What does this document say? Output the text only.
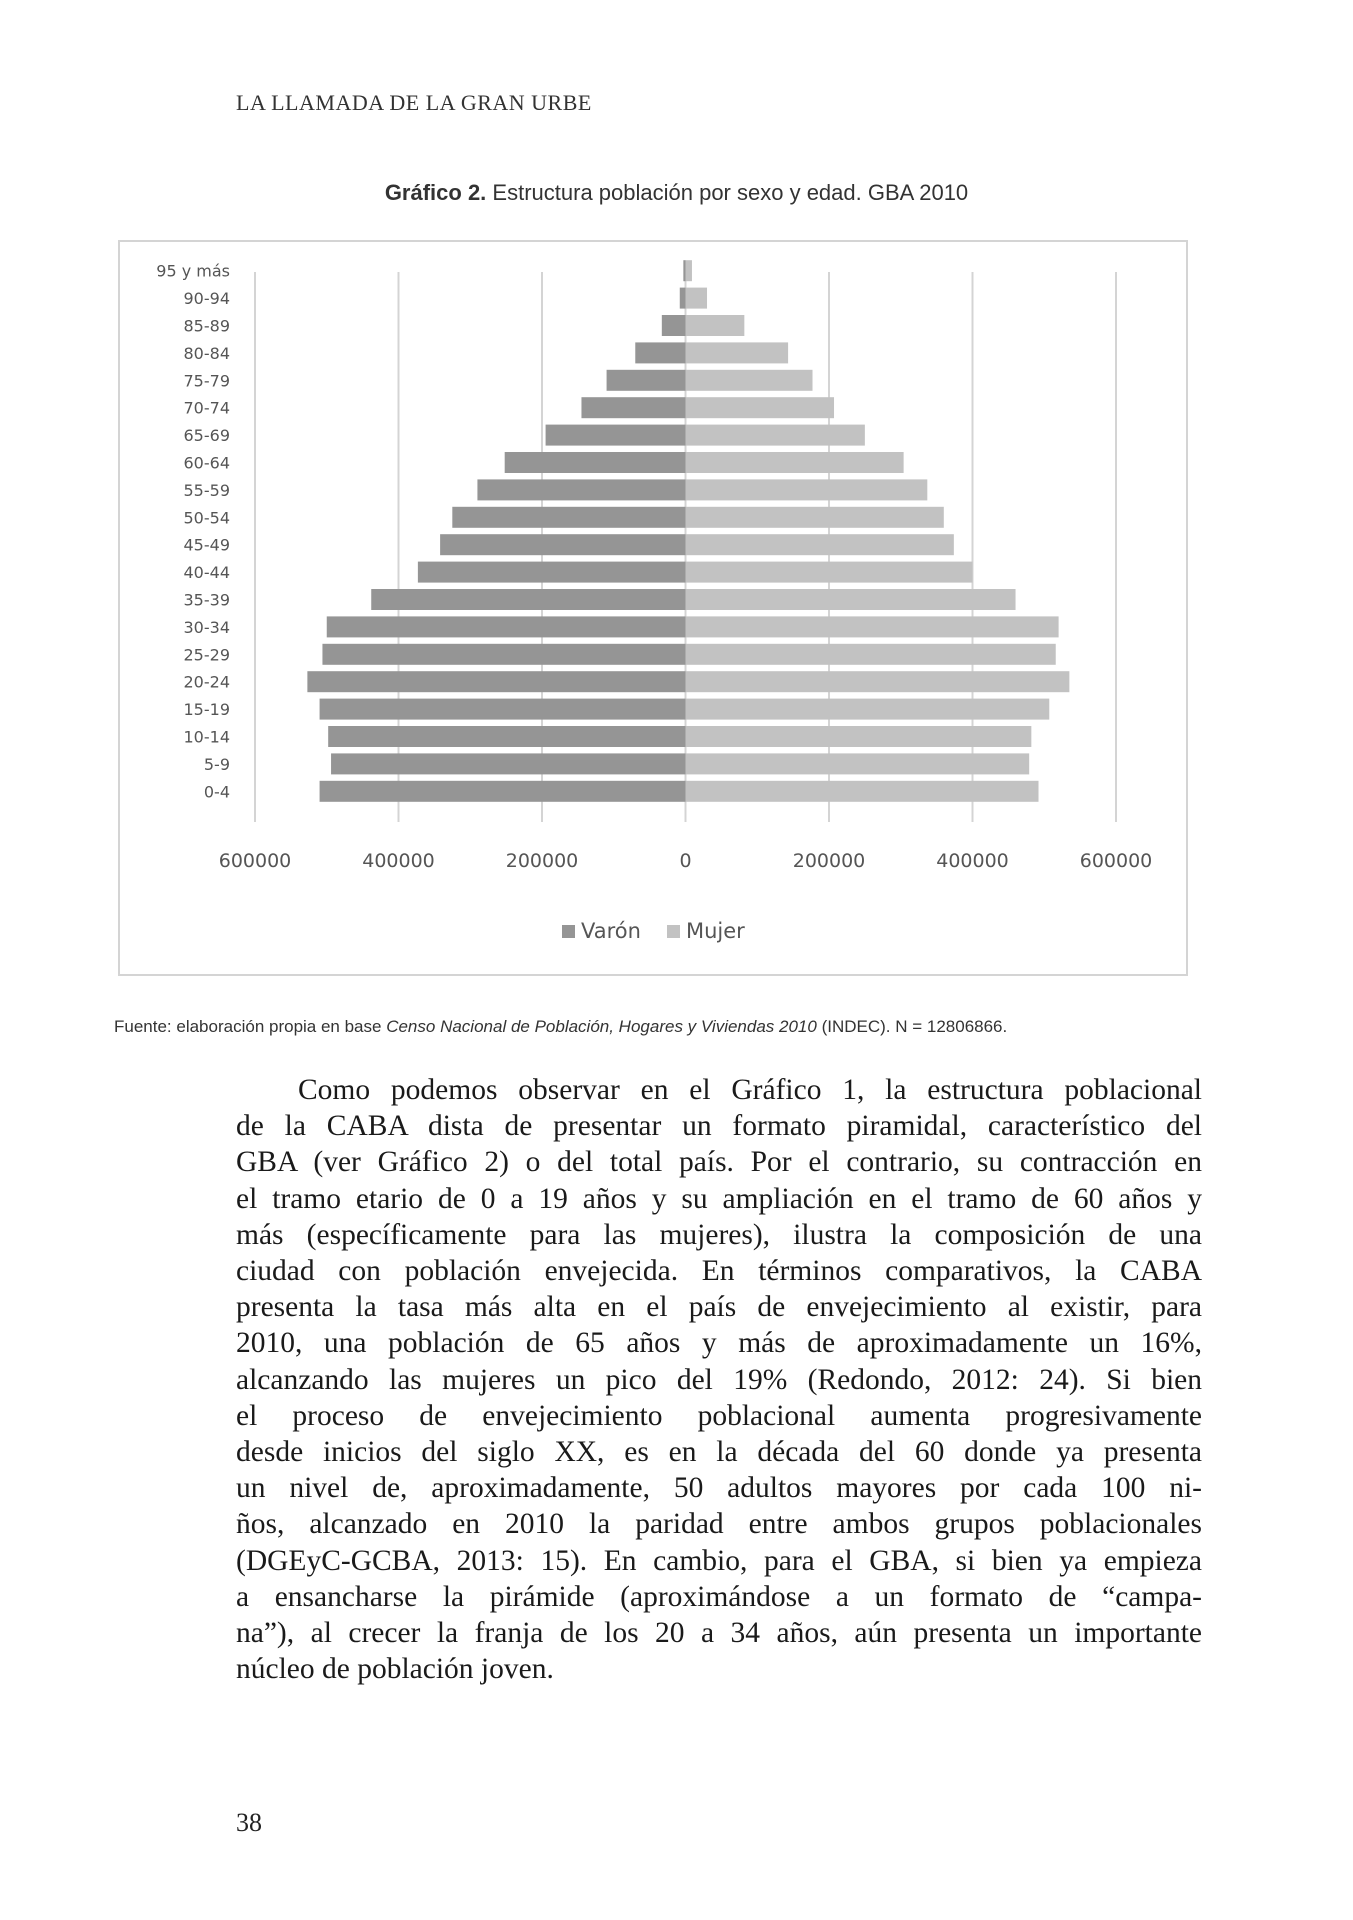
LA LLAMADA DE LA GRAN URBE
Gráfico 2. Estructura población por sexo y edad. GBA 2010
600000	400000	200000	0	200000	400000	600000
95 y más
90-94
85-89
80-84
75-79
70-74
65-69
60-64
55-59
50-54
45-49
40-44
35-39
30-34
25-29
20-24
15-19
10-14
5-9
0-4
Varón Mujer
Fuente: elaboración propia en base Censo Nacional de Población, Hogares y Viviendas 2010 (INDEC). N = 12806866.
Como podemos observar en el Gráfico 1, la estructura poblacional
de la CABA dista de presentar un formato piramidal, característico del
GBA (ver Gráfico 2) o del total país. Por el contrario, su contracción en
el tramo etario de 0 a 19 años y su ampliación en el tramo de 60 años y
más (específicamente para las mujeres), ilustra la composición de una
ciudad con población envejecida. En términos comparativos, la CABA
presenta la tasa más alta en el país de envejecimiento al existir, para
2010, una población de 65 años y más de aproximadamente un 16%,
alcanzando las mujeres un pico del 19% (Redondo, 2012: 24). Si bien
el proceso de envejecimiento poblacional aumenta progresivamente
desde inicios del siglo XX, es en la década del 60 donde ya presenta
un nivel de, aproximadamente, 50 adultos mayores por cada 100 ni-
ños, alcanzado en 2010 la paridad entre ambos grupos poblacionales
(DGEyC-GCBA, 2013: 15). En cambio, para el GBA, si bien ya empieza
a ensancharse la pirámide (aproximándose a un formato de “campa-
na”), al crecer la franja de los 20 a 34 años, aún presenta un importante
núcleo de población joven.
38
